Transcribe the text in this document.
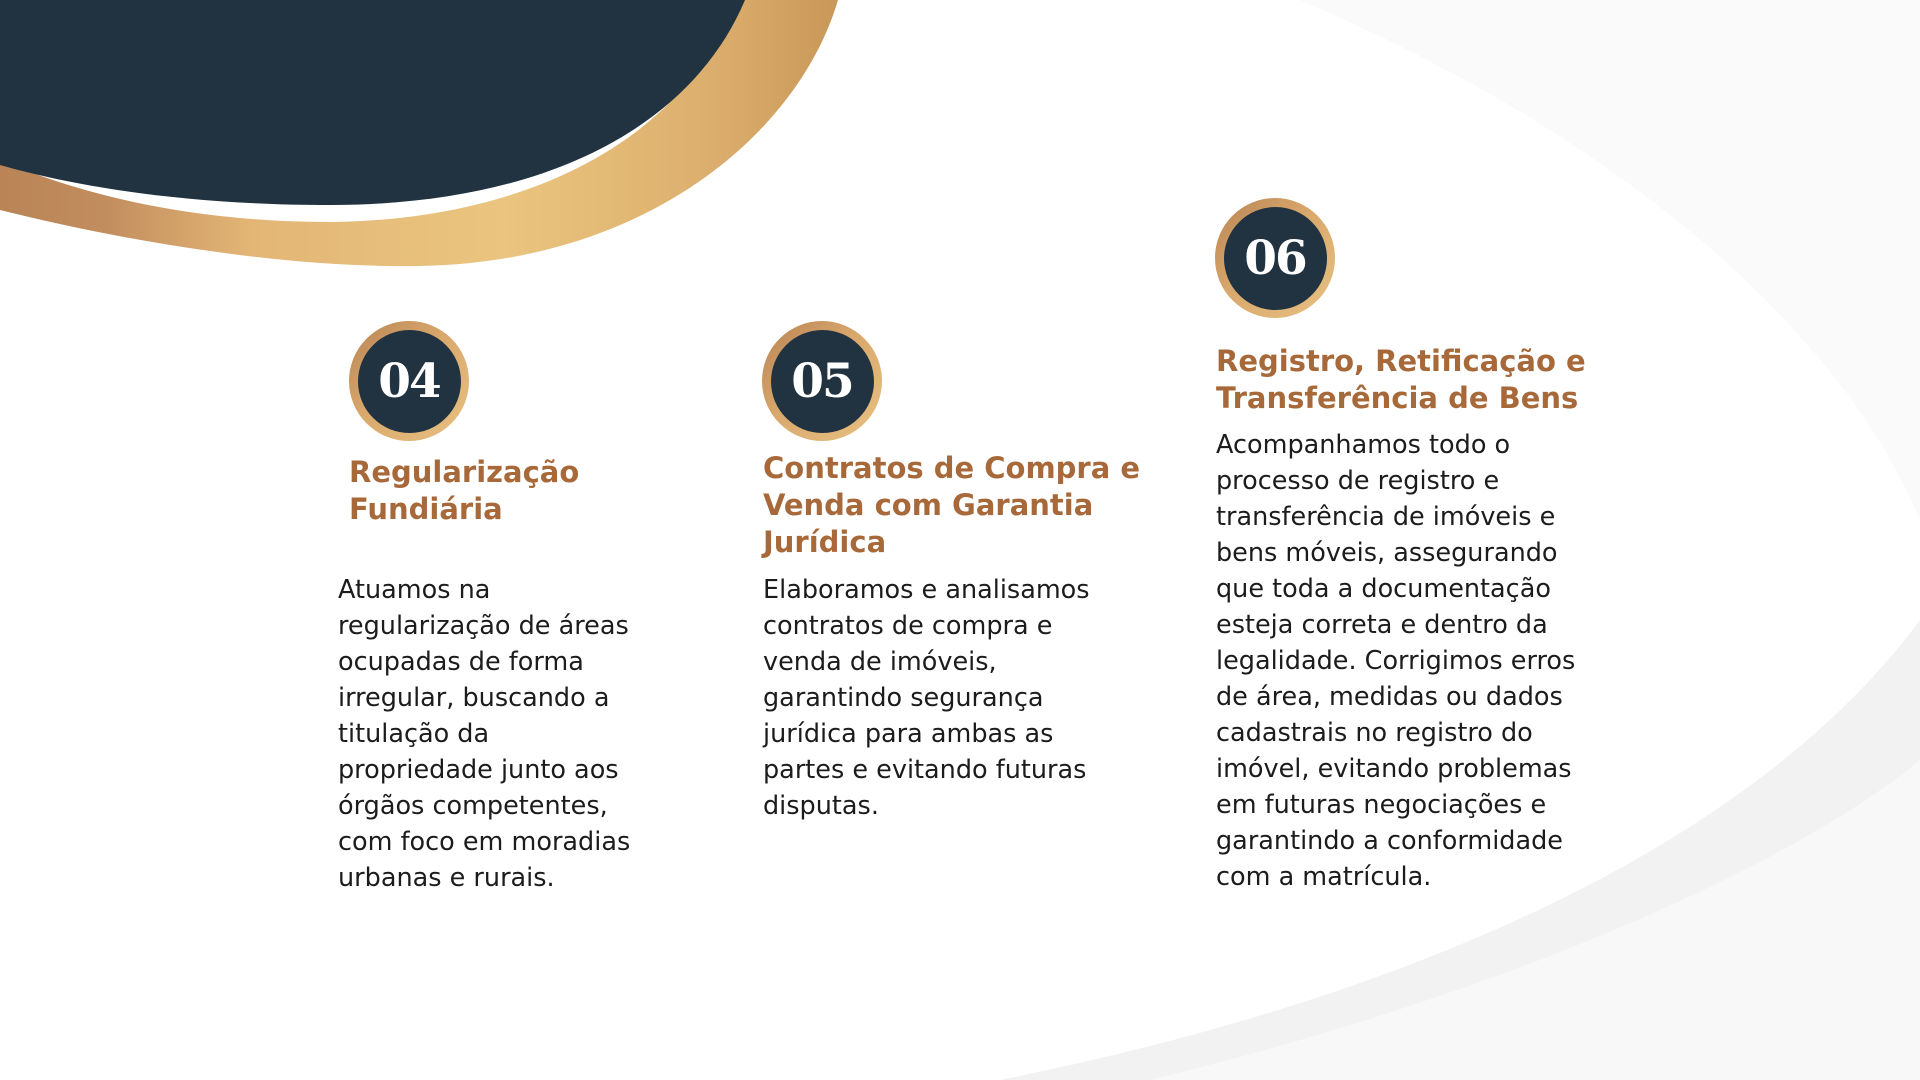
04
Regularização Fundiária

Atuamos na regularização de áreas ocupadas de forma irregular, buscando a titulação da propriedade junto aos órgãos competentes, com foco em moradias urbanas e rurais.

05
Contratos de Compra e Venda com Garantia Jurídica

Elaboramos e analisamos contratos de compra e venda de imóveis, garantindo segurança jurídica para ambas as partes e evitando futuras disputas.

06
Registro, Retificação e Transferência de Bens

Acompanhamos todo o processo de registro e transferência de imóveis e bens móveis, assegurando que toda a documentação esteja correta e dentro da legalidade. Corrigimos erros de área, medidas ou dados cadastrais no registro do imóvel, evitando problemas em futuras negociações e garantindo a conformidade com a matrícula.
